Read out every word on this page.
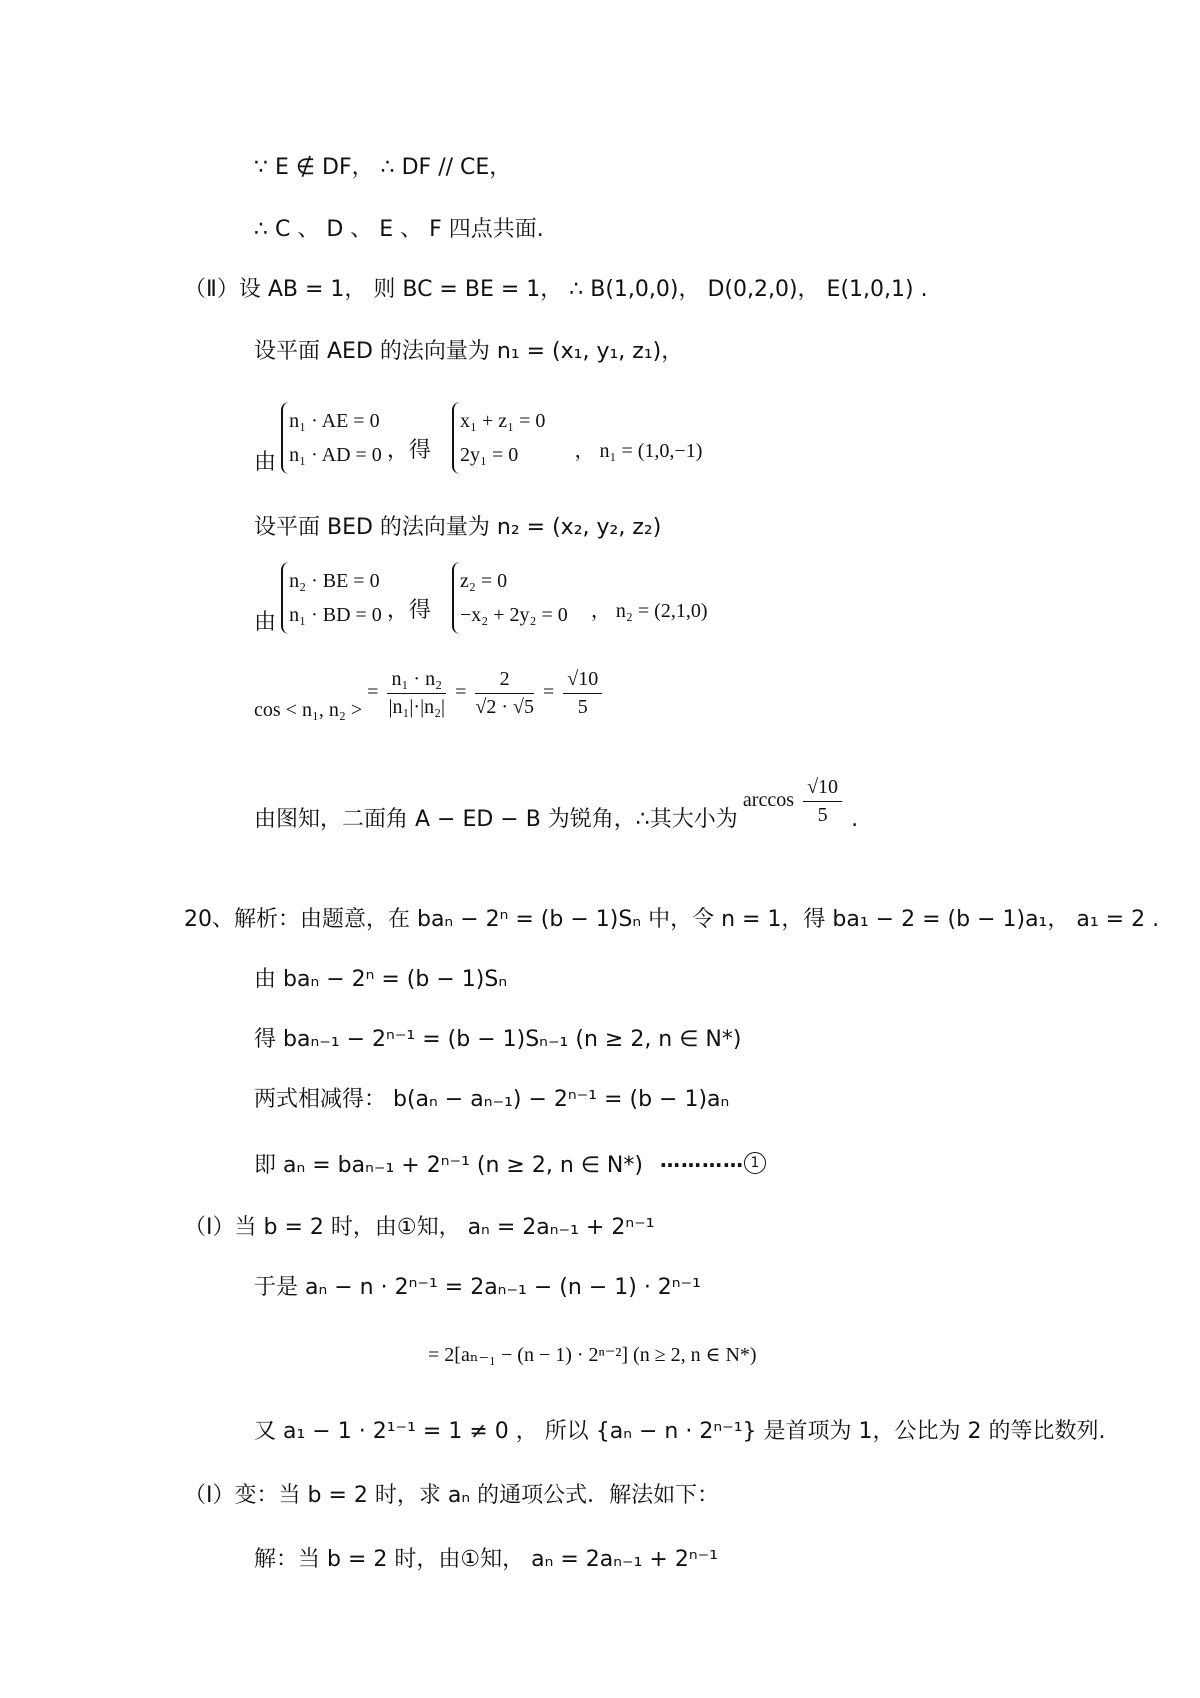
∵ E ∉ DF， ∴ DF // CE，
∴ C 、 D 、 E 、 F 四点共面.
（Ⅱ）设 AB = 1， 则 BC = BE = 1， ∴ B(1,0,0)， D(0,2,0)， E(1,0,1) .
设平面 AED 的法向量为 n₁ = (x₁, y₁, z₁)，
由
n₁ · AE = 0
n₁ · AD = 0 ，得
x₁ + z₁ = 0
2y₁ = 0	， n₁ = (1,0,−1)
设平面 BED 的法向量为 n₂ = (x₂, y₂, z₂)
由
n₂ · BE = 0
n₁ · BD = 0 ，得
z₂ = 0
−x₂ + 2y₂ = 0 ， n₂ = (2,1,0)
cos < n₁, n₂ > = $\frac{\text{n₁ · n₂}}{\text{|n₁|·|n₂|}} = \frac{2}{√2 \cdot √5} = \frac{√10}{5}$
由图知，二面角 A − ED − B 为锐角，∴其大小为 $\arccos \frac{√10}{5}$ .
20、解析：由题意，在 baₙ − 2ⁿ = (b − 1)Sₙ 中，令 n = 1，得 ba₁ − 2 = (b − 1)a₁， a₁ = 2 .
由 baₙ − 2ⁿ = (b − 1)Sₙ
得 baₙ₋₁ − 2ⁿ⁻¹ = (b − 1)Sₙ₋₁ (n ≥ 2, n ∈ N*)
两式相减得： b(aₙ − aₙ₋₁) − 2ⁿ⁻¹ = (b − 1)aₙ
即 aₙ = baₙ₋₁ + 2ⁿ⁻¹ (n ≥ 2, n ∈ N*) ………… 1
（Ⅰ）当 b = 2 时，由①知， aₙ = 2aₙ₋₁ + 2ⁿ⁻¹
于是 aₙ − n · 2ⁿ⁻¹ = 2aₙ₋₁ − (n − 1) · 2ⁿ⁻¹
= 2[aₙ₋₁ − (n − 1) · 2ⁿ⁻²] (n ≥ 2, n ∈ N*)
又 a₁ − 1 · 2¹⁻¹ = 1 ≠ 0 ， 所以 {aₙ − n · 2ⁿ⁻¹} 是首项为 1，公比为 2 的等比数列.
（Ⅰ）变：当 b = 2 时，求 aₙ 的通项公式．解法如下：
解：当 b = 2 时，由①知， aₙ = 2aₙ₋₁ + 2ⁿ⁻¹
